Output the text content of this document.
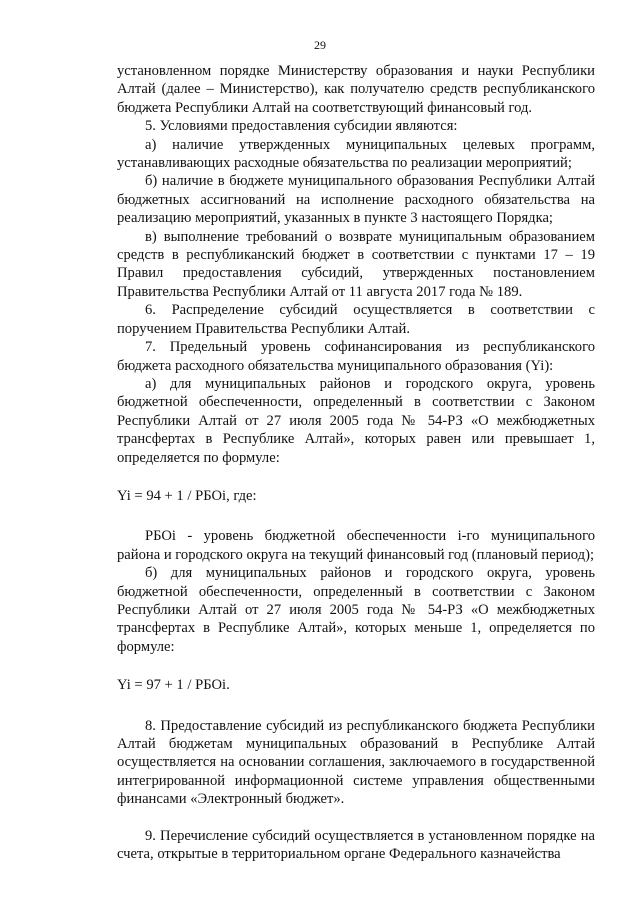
29

установленном порядке Министерству образования и науки Республики Алтай (далее – Министерство), как получателю средств республиканского бюджета Республики Алтай на соответствующий финансовый год.

5. Условиями предоставления субсидии являются:

а) наличие утвержденных муниципальных целевых программ, устанавливающих расходные обязательства по реализации мероприятий;

б) наличие в бюджете муниципального образования Республики Алтай бюджетных ассигнований на исполнение расходного обязательства на реализацию мероприятий, указанных в пункте 3 настоящего Порядка;

в) выполнение требований о возврате муниципальным образованием средств в республиканский бюджет в соответствии с пунктами 17 – 19 Правил предоставления субсидий, утвержденных постановлением Правительства Республики Алтай от 11 августа 2017 года № 189.

6. Распределение субсидий осуществляется в соответствии с поручением Правительства Республики Алтай.

7. Предельный уровень софинансирования из республиканского бюджета расходного обязательства муниципального образования (Yi):

а) для муниципальных районов и городского округа, уровень бюджетной обеспеченности, определенный в соответствии с Законом Республики Алтай от 27 июля 2005 года № 54-РЗ «О межбюджетных трансфертах в Республике Алтай», которых равен или превышает 1, определяется по формуле:

Yi = 94 + 1 / РБОi, где:

РБОi - уровень бюджетной обеспеченности i-го муниципального района и городского округа на текущий финансовый год (плановый период);

б) для муниципальных районов и городского округа, уровень бюджетной обеспеченности, определенный в соответствии с Законом Республики Алтай от 27 июля 2005 года № 54-РЗ «О межбюджетных трансфертах в Республике Алтай», которых меньше 1, определяется по формуле:

Yi = 97 + 1 / РБОi.

8. Предоставление субсидий из республиканского бюджета Республики Алтай бюджетам муниципальных образований в Республике Алтай осуществляется на основании соглашения, заключаемого в государственной интегрированной информационной системе управления общественными финансами «Электронный бюджет».

9. Перечисление субсидий осуществляется в установленном порядке на счета, открытые в территориальном органе Федерального казначейства
